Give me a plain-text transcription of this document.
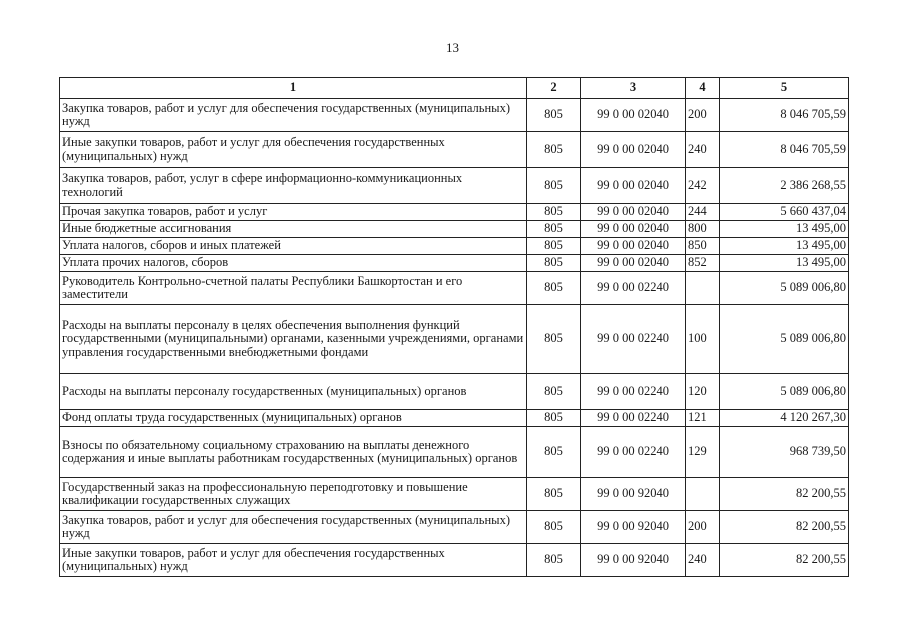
13
1	2	3	4	5
Закупка товаров, работ и услуг для обеспечения государственных (муниципальных) нужд	805	99 0 00 02040	200	8 046 705,59
Иные закупки товаров, работ и услуг для обеспечения государственных (муниципальных) нужд	805	99 0 00 02040	240	8 046 705,59
Закупка товаров, работ, услуг в сфере информационно-коммуникационных технологий	805	99 0 00 02040	242	2 386 268,55
Прочая закупка товаров, работ и услуг	805	99 0 00 02040	244	5 660 437,04
Иные бюджетные ассигнования	805	99 0 00 02040	800	13 495,00
Уплата налогов, сборов и иных платежей	805	99 0 00 02040	850	13 495,00
Уплата прочих налогов, сборов	805	99 0 00 02040	852	13 495,00
Руководитель Контрольно-счетной палаты Республики Башкортостан и его заместители	805	99 0 00 02240		5 089 006,80
Расходы на выплаты персоналу в целях обеспечения выполнения функций государственными (муниципальными) органами, казенными учреждениями, органами управления государственными внебюджетными фондами	805	99 0 00 02240	100	5 089 006,80
Расходы на выплаты персоналу государственных (муниципальных) органов	805	99 0 00 02240	120	5 089 006,80
Фонд оплаты труда государственных (муниципальных) органов	805	99 0 00 02240	121	4 120 267,30
Взносы по обязательному социальному страхованию на выплаты денежного содержания и иные выплаты работникам государственных (муниципальных) органов	805	99 0 00 02240	129	968 739,50
Государственный заказ на профессиональную переподготовку и повышение квалификации государственных служащих	805	99 0 00 92040		82 200,55
Закупка товаров, работ и услуг для обеспечения государственных (муниципальных) нужд	805	99 0 00 92040	200	82 200,55
Иные закупки товаров, работ и услуг для обеспечения государственных (муниципальных) нужд	805	99 0 00 92040	240	82 200,55
